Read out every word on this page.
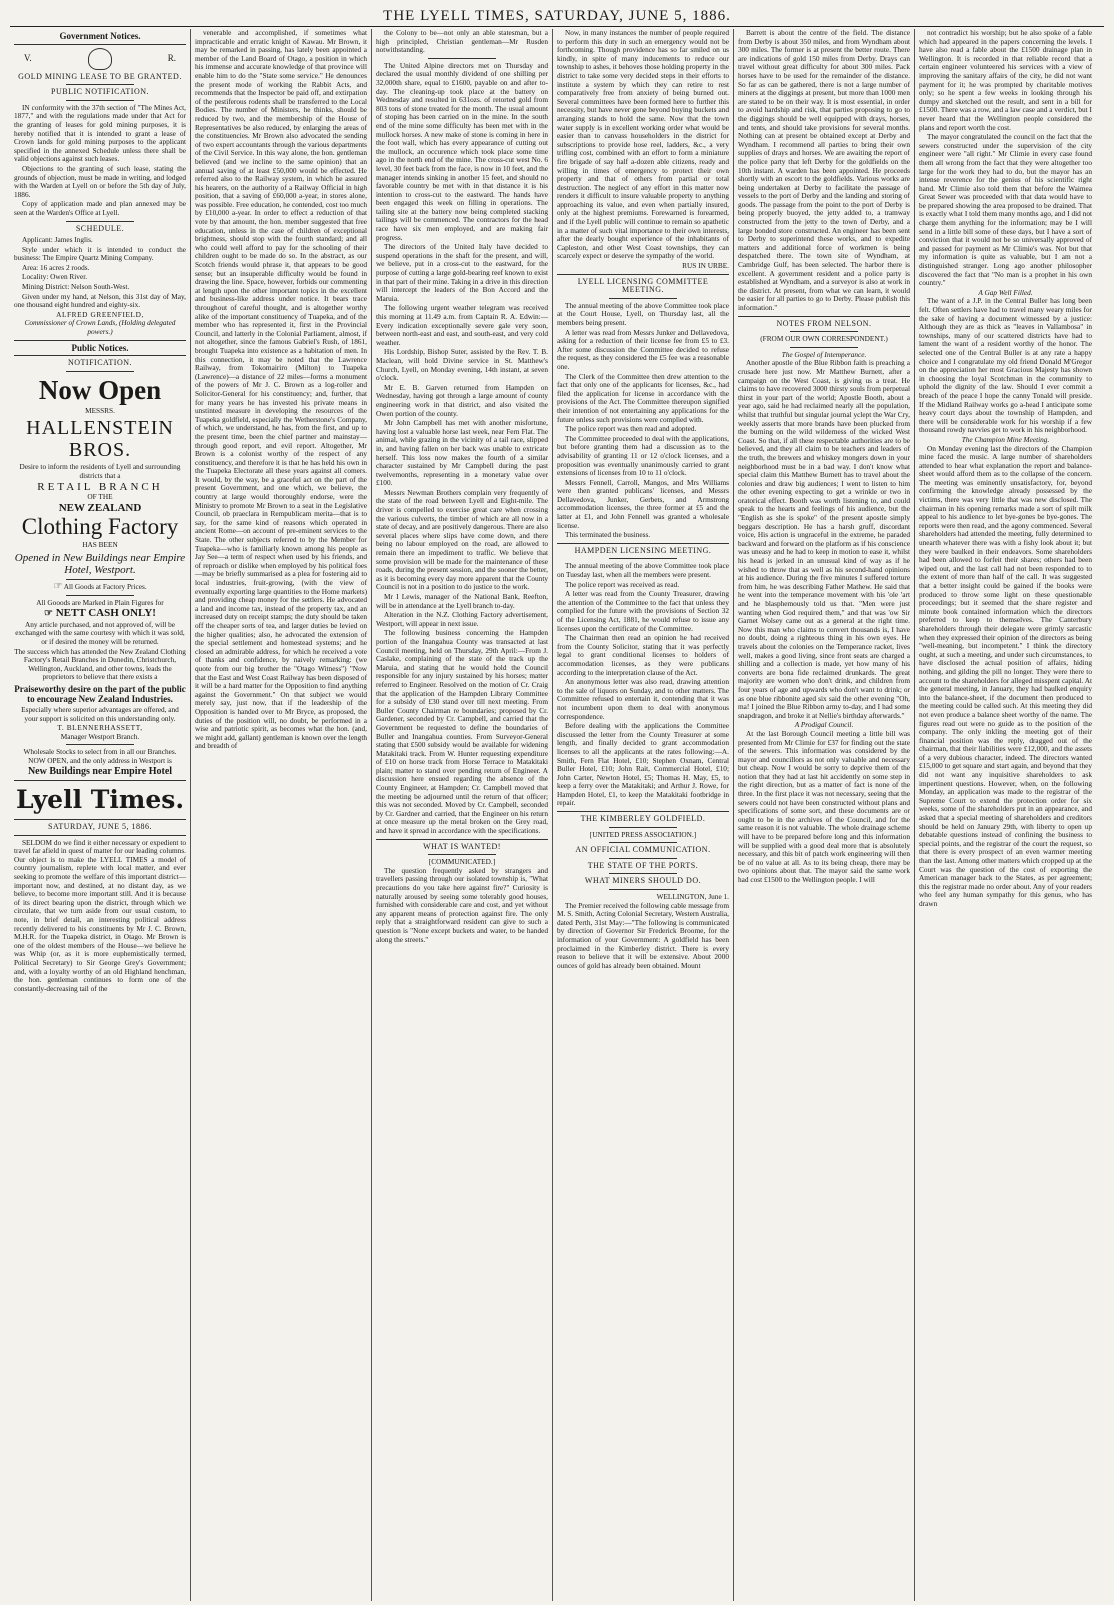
THE LYELL TIMES, SATURDAY, JUNE 5, 1886.
Government Notices.
V.	R.
GOLD MINING LEASE TO BE GRANTED.
PUBLIC NOTIFICATION.

IN conformity with the 37th section of "The Mines Act, 1877," and with the regulations made under that Act for the granting of leases for gold mining purposes, it is hereby notified that it is intended to grant a lease of Crown lands for gold mining purposes to the applicant specified in the annexed Schedule unless there shall be valid objections against such leases.

Objections to the granting of such lease, stating the grounds of objection, must be made in writing, and lodged with the Warden at Lyell on or before the 5th day of July, 1886.

Copy of application made and plan annexed may be seen at the Warden's Office at Lyell.

SCHEDULE.

Applicant: James Inglis.

Style under which it is intended to conduct the business: The Empire Quartz Mining Company.

Area: 16 acres 2 roods.

Locality: Owen River.

Mining District: Nelson South-West.

Given under my hand, at Nelson, this 31st day of May, one thousand eight hundred and eighty-six.

ALFRED GREENFIELD,
Commissioner of Crown Lands, (Holding delegated powers.)
Public Notices.
NOTIFICATION.
Now Open
MESSRS.
HALLENSTEIN BROS.
Desire to inform the residents of Lyell and surrounding districts that a
RETAIL BRANCH
OF THE
NEW ZEALAND
Clothing Factory
HAS BEEN
Opened in New Buildings near Empire Hotel, Westport.
☞ All Goods at Factory Prices.
All Gooods are Marked in Plain Figures for
☞ NETT CASH ONLY!

Any article purchased, and not approved of, will be exchanged with the same courtesy with which it was sold, or if desired the money will be returned.

The success which has attended the New Zealand Clothing Factory's Retail Branches in Dunedin, Christchurch, Wellington, Auckland, and other towns, leads the proprietors to believe that there exists a

Praiseworthy desire on the part of the public to encourage New Zealand Industries.

Especially where superior advantages are offered, and your support is solicited on this understanding only.

T. BLENNERHASSETT,
Manager Westport Branch.

Wholesale Stocks to select from in all our Branches. NOW OPEN, and the only address in Westport is

New Buildings near Empire Hotel
Lyell Times.
SATURDAY, JUNE 5, 1886.

SELDOM do we find it either necessary or expedient to travel far afield in quest of matter for our leading columns. Our object is to make the LYELL TIMES a model of country journalism, replete with local matter, and ever seeking to promote the welfare of this important district—important now, and destined, at no distant day, as we believe, to become more important still. And it is because of its direct bearing upon the district, through which we circulate, that we turn aside from our usual custom, to note, in brief detail, an interesting political address recently delivered to his constituents by Mr J. C. Brown, M.H.R. for the Tuapeka district, in Otago. Mr Brown is one of the oldest members of the House—we believe he was Whip (or, as it is more euphemistically termed, Political Secretary) to Sir George Grey's Government; and, with a loyalty worthy of an old Highland henchman, the hon. gentleman continues to form one of the constantly-decreasing tail of the

venerable and accomplished, if sometimes what impracticable and erratic knight of Kawau. Mr Brown, it may be remarked in passing, has lately been appointed a member of the Land Board of Otago, a position in which his immense and accurate knowledge of that province will enable him to do the "State some service." He denounces the present mode of working the Rabbit Acts, and recommends that the Inspector be paid off, and extirpation of the pestiferous rodents shall be transferred to the Local Bodies. The number of Ministers, he thinks, should be reduced by two, and the membership of the House of Representatives be also reduced, by enlarging the areas of the constituencies. Mr Brown also advocated the sending of two expert accountants through the various departments of the Civil Service. In this way alone, the hon. gentleman believed (and we incline to the same opinion) that an annual saving of at least £50,000 would be effected. He referred also to the Railway system, in which he assured his hearers, on the authority of a Railway Official in high position, that a saving of £60,000 a-year, in stores alone, was possible. Free education, he contended, cost too much by £10,000 a-year. In order to effect a reduction of that vote by that amount, the hon. member suggested that free education, unless in the case of children of exceptional brightness, should stop with the fourth standard; and all who could well afford to pay for the schooling of their children ought to be made do so. In the abstract, as our Scotch friends would phrase it, that appears to be good sense; but an insuperable difficulty would be found in drawing the line. Space, however, forbids our commenting at length upon the other important topics in the excellent and business-like address under notice. It bears trace throughout of careful thought, and is altogether worthy alike of the important constituency of Tuapeka, and of the member who has represented it, first in the Provincial Council, and latterly in the Colonial Parliament, almost, if not altogether, since the famous Gabriel's Rush, of 1861, brought Tuapeka into existence as a habitation of men. In this connection, it may be noted that the Lawrence Railway, from Tokomairiro (Milton) to Tuapeka (Lawrence)—a distance of 22 miles—forms a monument of the powers of Mr J. C. Brown as a log-roller and Solicitor-General for his constituency; and, further, that for many years he has invested his private means in unstinted measure in developing the resources of the Tuapeka goldfield, especially the Wetherstone's Company, of which, we understand, he has, from the first, and up to the present time, been the chief partner and mainstay—through good report, and evil report. Altogether, Mr Brown is a colonist worthy of the respect of any constituency, and therefore it is that he has held his own in the Tuapeka Electorate all these years against all comers. It would, by the way, be a graceful act on the part of the present Government, and one which, we believe, the country at large would thoroughly endorse, were the Ministry to promote Mr Brown to a seat in the Legislative Council, ob praeclara in Rempublicam merita—that is to say, for the same kind of reasons which operated in ancient Rome—on account of pre-eminent services to the State. The other subjects referred to by the Member for Tuapeka—who is familiarly known among his people as Jay See—a term of respect when used by his friends, and of reproach or dislike when employed by his political foes—may be briefly summarised as a plea for fostering aid to local industries, fruit-growing, (with the view of eventually exporting large quantities to the Home markets) and providing cheap money for the settlers. He advocated a land and income tax, instead of the property tax, and an increased duty on receipt stamps; the duty should be taken off the cheaper sorts of tea, and larger duties be levied on the higher qualities; also, he advocated the extension of the special settlement and homestead systems; and he closed an admirable address, for which he received a vote of thanks and confidence, by naively remarking: (we quote from our big brother the "Otago Witness") "Now that the East and West Coast Railway has been disposed of it will be a hard matter for the Opposition to find anything against the Government." On that subject we would merely say, just now, that if the leadership of the Opposition is handed over to Mr Bryce, as proposed, the duties of the position will, no doubt, be performed in a wise and patriotic spirit, as becomes what the hon. (and, we might add, gallant) gentleman is known over the length and breadth of

the Colony to be—not only an able statesman, but a high principled, Christian gentleman—Mr Rusden notwithstanding.

The United Alpine directors met on Thursday and declared the usual monthly dividend of one shilling per 32,000th share, equal to £1600, payable on and after to-day. The cleaning-up took place at the battery on Wednesday and resulted in 631ozs. of retorted gold from 803 tons of stone treated for the month. The usual amount of stoping has been carried on in the mine. In the south end of the mine some difficulty has been met with in the mullock horses. A new make of stone is coming in here in the foot wall, which has every appearance of cutting out the mullock, an occurence which took place some time ago in the north end of the mine. The cross-cut west No. 6 level, 30 feet back from the face, is now in 10 feet, and the manager intends sinking in another 15 feet, and should no favorable country be met with in that distance it is his intention to cross-cut to the eastward. The hands have been engaged this week on filling in operations. The tailing site at the battery now being completed stacking tailings will be commenced. The contractors for the head race have six men employed, and are making fair progress.

The directors of the United Italy have decided to suspend operations in the shaft for the present, and will, we believe, put in a cross-cut to the eastward, for the purpose of cutting a large gold-bearing reef known to exist in that part of their mine. Taking in a drive in this direction will intercept the leaders of the Bon Accord and the Maruia.

The following urgent weather telegram was received this morning at 11.49 a.m. from Captain R. A. Edwin:—Every indication exceptionally severe gale very soon, between north-east and east, and south-east, and very cold weather.

His Lordship, Bishop Suter, assisted by the Rev. T. B. Maclean, will hold Divine service in St. Matthew's Church, Lyell, on Monday evening, 14th instant, at seven o'clock.

Mr E. B. Garven returned from Hampden on Wednesday, having got through a large amount of county engineering work in that district, and also visited the Owen portion of the county.

Mr John Campbell has met with another misfortune, having lost a valuable horse last week, near Fern Flat. The animal, while grazing in the vicinity of a tail race, slipped in, and having fallen on her back was unable to extricate herself. This loss now makes the fourth of a similar character sustained by Mr Campbell during the past twelvemonths, representing in a monetary value over £100.

Messrs Newman Brothers complain very frequently of the state of the road between Lyell and Eight-mile. The driver is compelled to exercise great care when crossing the various culverts, the timber of which are all now in a state of decay, and are positively dangerous. There are also several places where slips have come down, and there being no labour employed on the road, are allowed to remain there an impediment to traffic. We believe that some provision will be made for the maintenance of these roads, during the present session, and the sooner the better, as it is becoming every day more apparent that the County Council is not in a position to do justice to the work.

Mr I Lewis, manager of the National Bank, Reefton, will be in attendance at the Lyell branch to-day.

Alteration in the N.Z. Clothing Factory advertisement, Westport, will appear in next issue.

The following business concerning the Hampden portion of the Inangahua County was transacted at last Council meeting, held on Thursday, 29th April:—From J. Caslake, complaining of the state of the track up the Maruia, and stating that he would hold the Council responsible for any injury sustained by his horses; matter referred to Engineer. Resolved on the motion of Cr. Craig that the application of the Hampden Library Committee for a subsidy of £30 stand over till next meeting. From Buller County Chairman re boundaries; proposed by Cr. Gardener, seconded by Cr. Campbell, and carried that the Government be requested to define the boundaries of Buller and Inangahua counties. From Surveyor-General stating that £500 subsidy would be available for widening Matakitaki track. From W. Hunter requesting expenditure of £10 on horse track from Horse Terrace to Matakitaki plain; matter to stand over pending return of Engineer. A discussion here ensued regarding the absence of the County Engineer, at Hampden; Cr. Campbell moved that the meeting be adjourned until the return of that officer; this was not seconded. Moved by Cr. Campbell, seconded by Cr. Gardner and carried, that the Engineer on his return at once measure up the metal broken on the Grey road, and have it spread in accordance with the specifications.

WHAT IS WANTED!
[COMMUNICATED.]

The question frequently asked by strangers and travellers passing through our isolated township is, "What precautions do you take here against fire?" Curiosity is naturally aroused by seeing some tolerably good houses, furnished with considerable care and cost, and yet without any apparent means of protection against fire. The only reply that a straightforward resident can give to such a question is "None except buckets and water, to be handed along the streets."

Now, in many instances the number of people required to perform this duty in such an emergency would not be forthcoming. Though providence has so far smiled on us kindly, in spite of many inducements to reduce our township to ashes, it behoves those holding property in the district to take some very decided steps in their efforts to institute a system by which they can retire to rest comparatively free from anxiety of being burned out. Several committees have been formed here to further this necessity, but have never gone beyond buying buckets and arranging stands to hold the same. Now that the town water supply is in excellent working order what would be easier than to canvass householders in the district for subscriptions to provide hose reel, ladders, &c., a very trifling cost, combined with an effort to form a miniature fire brigade of say half a-dozen able citizens, ready and willing in times of emergency to protect their own property and that of others from partial or total destruction. The neglect of any effort in this matter now renders it difficult to insure valuable property to anything approaching its value, and even when partially insured, only at the highest premiums. Forewarned is forearmed, and if the Lyell public will continue to remain so apathetic in a matter of such vital importance to their own interests, after the dearly bought experience of the inhabitants of Capleston, and other West Coast townships, they can scarcely expect or deserve the sympathy of the world.

RUS IN URBE.
LYELL LICENSING COMMITTEE MEETING.

The annual meeting of the above Committee took place at the Court House, Lyell, on Thursday last, all the members being present.

A letter was read from Messrs Junker and Dellavedova, asking for a reduction of their license fee from £5 to £3. After some discussion the Committee decided to refuse the request, as they considered the £5 fee was a reasonable one.

The Clerk of the Committee then drew attention to the fact that only one of the applicants for licenses, &c., had filed the application for license in accordance with the provisions of the Act. The Committee thereupon signified their intention of not entertaining any applications for the future unless such provisions were complied with.

The police report was then read and adopted.

The Committee proceeded to deal with the applications, but before granting them had a discussion as to the advisability of granting 11 or 12 o'clock licenses, and a proposition was eventually unanimously carried to grant extensions of licenses from 10 to 11 o'clock.

Messrs Fennell, Carroll, Mangos, and Mrs Williams were then granted publicans' licenses, and Messrs Dellavedova, Junker, Gerbets, and Armstrong accommodation licenses, the three former at £5 and the latter at £1, and John Fennell was granted a wholesale license.

This terminated the business.

HAMPDEN LICENSING MEETING.

The annual meeting of the above Committee took place on Tuesday last, when all the members were present.

The police report was received as read.

A letter was read from the County Treasurer, drawing the attention of the Committee to the fact that unless they complied for the future with the provisions of Section 32 of the Licensing Act, 1881, he would refuse to issue any licenses upon the certificate of the Committee.

The Chairman then read an opinion he had received from the County Solicitor, stating that it was perfectly legal to grant conditional licenses to holders of accommodation licenses, as they were publicans according to the interpretation clause of the Act.

An anonymous letter was also read, drawing attention to the sale of liquors on Sunday, and to other matters. The Committee refused to entertain it, contending that it was not incumbent upon them to deal with anonymous correspondence.

Before dealing with the applications the Committee discussed the letter from the County Treasurer at some length, and finally decided to grant accommodation licenses to all the applicants at the rates following:—A. Smith, Fern Flat Hotel, £10; Stephen Oxnam, Central Buller Hotel, £10; John Rait, Commercial Hotel, £10; John Carter, Newton Hotel, £5; Thomas H. May, £5, to keep a ferry over the Matakitaki; and Arthur J. Rowe, for Hampden Hotel, £1, to keep the Matakitaki footbridge in repair.

THE KIMBERLEY GOLDFIELD.
[UNITED PRESS ASSOCIATION.]
AN OFFICIAL COMMUNICATION.
THE STATE OF THE PORTS.
WHAT MINERS SHOULD DO.
WELLINGTON, June 1.

The Premier received the following cable message from M. S. Smith, Acting Colonial Secretary, Western Australia, dated Perth, 31st May:—"The following is communicated by direction of Governor Sir Frederick Broome, for the information of your Government: A goldfield has been proclaimed in the Kimberley district. There is every reason to believe that it will be extensive. About 2000 ounces of gold has already been obtained. Mount

Barrett is about the centre of the field. The distance from Derby is about 350 miles, and from Wyndham about 300 miles. The former is at present the better route. There are indications of gold 150 miles from Derby. Drays can travel without great difficulty for about 300 miles. Pack horses have to be used for the remainder of the distance. So far as can be gathered, there is not a large number of miners at the diggings at present, but more than 1000 men are stated to be on their way. It is most essential, in order to avoid hardship and risk, that parties proposing to go to the diggings should be well equipped with drays, horses, and tents, and should take provisions for several months. Nothing can at present be obtained except at Derby and Wyndham. I recommend all parties to bring their own supplies of drays and horses. We are awaiting the report of the police party that left Derby for the goldfields on the 10th instant. A warden has been appointed. He proceeds shortly with an escort to the goldfields. Various works are being undertaken at Derby to facilitate the passage of vessels to the port of Derby and the landing and storing of goods. The passage from the point to the port of Derby is being properly buoyed, the jetty added to, a tramway constructed from the jetty to the town of Derby, and a large bonded store constructed. An engineer has been sent to Derby to superintend these works, and to expedite matters and additional force of workmen is being despatched there. The town site of Wyndham, at Cambridge Gulf, has been selected. The harbor there is excellent. A government resident and a police party is established at Wyndham, and a surveyor is also at work in the district. At present, from what we can learn, it would be easier for all parties to go to Derby. Please publish this information."

NOTES FROM NELSON.
(FROM OUR OWN CORRESPONDENT.)
The Gospel of Intemperance.

Another apostle of the Blue Ribbon faith is preaching a crusade here just now. Mr Matthew Burnett, after a campaign on the West Coast, is giving us a treat. He claims to have recovered 3000 thirsty souls from perpetual thirst in your part of the world; Apostle Booth, about a year ago, said he had reclaimed nearly all the population, whilst that truthful but singular journal yclept the War Cry, weekly asserts that more brands have been plucked from the burning on the wild wilderness of the wicked West Coast. So that, if all these respectable authorities are to be believed, and they all claim to be teachers and leaders of the truth, the brewers and whiskey mongers down in your neighborhood must be in a bad way. I don't know what special claim this Matthew Burnett has to travel about the colonies and draw big audiences; I went to listen to him the other evening expecting to get a wrinkle or two in oratorical effect. Booth was worth listening to, and could speak to the hearts and feelings of his audience, but the "English as she is spoke" of the present apostle simply beggars description. He has a harsh gruff, discordant voice, His action is ungraceful in the extreme, he paraded backward and forward on the platform as if his conscience was uneasy and he had to keep in motion to ease it, whilst his head is jerked in an unusual kind of way as if he wished to throw that as well as his second-hand opinions at his audience. During the five minutes I suffered torture from him, he was describing Father Mathew. He said that he went into the temperance movement with his 'ole 'art and he blasphemously told us that. "Men were just wanting when God required them," and that was 'ow Sir Garnet Wolsey came out as a general at the right time. Now this man who claims to convert thousands is, I have no doubt, doing a righteous thing in his own eyes. He travels about the colonies on the Temperance racket, lives well, makes a good living, since front seats are charged a shilling and a collection is made, yet how many of his converts are bona fide reclaimed drunkards. The great majority are women who don't drink, and children from four years of age and upwards who don't want to drink; or as one blue ribbonite aged six said the other evening "Oh, ma! I joined the Blue Ribbon army to-day, and I had some snapdragon, and broke it at Nellie's birthday afterwards."

A Prodigal Council.

At the last Borough Council meeting a little bill was presented from Mr Climie for £37 for finding out the state of the sewers. This information was considered by the mayor and councillors as not only valuable and necessary but cheap. Now I would be sorry to deprive them of the notion that they had at last hit accidently on some step in the right direction, but as a matter of fact is none of the three. In the first place it was not necessary, seeing that the sewers could not have been constructed without plans and specifications of some sort, and these documents are or ought to be in the archives of the Council, and for the same reason it is not valuable. The whole drainage scheme will have to be prepared before long and this information will be supplied with a good deal more that is absolutely necessary, and this bit of patch work engineering will then be of no value at all. As to its being cheap, there may be two opinions about that. The mayor said the same work had cost £1500 to the Wellington people. I will

not contradict his worship; but he also spoke of a fable which had appeared in the papers concerning the levels. I have also read a fable about the £1500 drainage plan in Wellington. It is recorded in that reliable record that a certain engineer volunteered his services with a view of improving the sanitary affairs of the city, he did not want payment for it; he was prompted by charitable motives only; so he spent a few weeks in looking through his dumpy and sketched out the result, and sent in a bill for £1500. There was a row, and a law case and a verdict, but I never heard that the Wellington people considered the plans and report worth the cost.

The mayor congratulated the council on the fact that the sewers constructed under the supervision of the city engineer were "all right." Mr Climie in every case found them all wrong from the fact that they were altogether too large for the work they had to do, but the mayor has an intense reverence for the genius of his scientific right hand. Mr Climie also told them that before the Waimea Great Sewer was proceeded with that data would have to be prepared showing the area proposed to be drained. That is exactly what I told them many months ago, and I did not charge them anything for the information; may be I will send in a little bill some of these days, but I have a sort of conviction that it would not be so universally approved of and passed for payment as Mr Climie's was. Not but that my information is quite as valuable, but I am not a distinguished stranger. Long ago another philosopher discovered the fact that "No man is a prophet in his own country."

A Gap Well Filled.

The want of a J.P. in the Central Buller has long been felt. Often settlers have had to travel many weary miles for the sake of having a document witnessed by a justice: Although they are as thick as "leaves in Vallambosa" in townships, many of our scattered districts have had to lament the want of a resident worthy of the honor. The selected one of the Central Buller is at any rate a happy choice and I congratulate my old friend Donald M'Gregor on the appreciation her most Gracious Majesty has shown in choosing the loyal Scotchman in the community to uphold the dignity of the law. Should I ever commit a breach of the peace I hope the canny Tonald will preside. If the Midland Railway works go a-head I anticipate some heavy court days about the township of Hampden, and there will be considerable work for his worship if a few thousand rowdy navvies get to work in his neighborhood.

The Champion Mine Meeting.

On Monday evening last the directors of the Champion mine faced the music. A large number of shareholders attended to hear what explanation the report and balance-sheet would afford them as to the collapse of the concern. The meeting was eminently unsatisfactory, for, beyond confirming the knowledge already possessed by the victims, there was very little that was new disclosed. The chairman in his opening remarks made a sort of spilt milk appeal to his audience to let bye-gones be bye-gones. The reports were then read, and the agony commenced. Several shareholders had attended the meeting, fully determined to unearth whatever there was with a fishy look about it; but they were baulked in their endeavors. Some shareholders had been allowed to forfeit their shares; others had been wiped out, and the last call had not been responded to to the extent of more than half of the call. It was suggested that a better insight could be gained if the books were produced to throw some light on these questionable proceedings; but it seemed that the share register and minute book contained information which the directors preferred to keep to themselves. The Canterbury shareholders through their delegate were grimly sarcastic when they expressed their opinion of the directors as being "well-meaning, but incompetent." I think the directory ought, at such a meeting, and under such circumstances, to have disclosed the actual position of affairs, hiding nothing, and gilding the pill no longer. They were there to account to the shareholders for alleged misspent capital. At the general meeting, in January, they had baulked enquiry into the balance-sheet, if the document then produced to the meeting could be called such. At this meeting they did not even produce a balance sheet worthy of the name. The figures read out were no guide as to the position of the company. The only inkling the meeting got of their financial position was the reply, dragged out of the chairman, that their liabilities were £12,000, and the assets of a very dubious character, indeed. The directors wanted £15,000 to get square and start again, and beyond that they did not want any inquisitive shareholders to ask impertinent questions. However, when, on the following Monday, an application was made to the registrar of the Supreme Court to extend the protection order for six weeks, some of the shareholders put in an appearance, and asked that a special meeting of shareholders and creditors should be held on January 29th, with liberty to open up debatable questions instead of confining the business to special points, and the registrar of the court the request, so that there is every prospect of an even warmer meeting than the last. Among other matters which cropped up at the Court was the question of the cost of exporting the American manager back to the States, as per agreement; this the registrar made no order about. Any of your readers who feel any human sympathy for this genus, who has drawn
